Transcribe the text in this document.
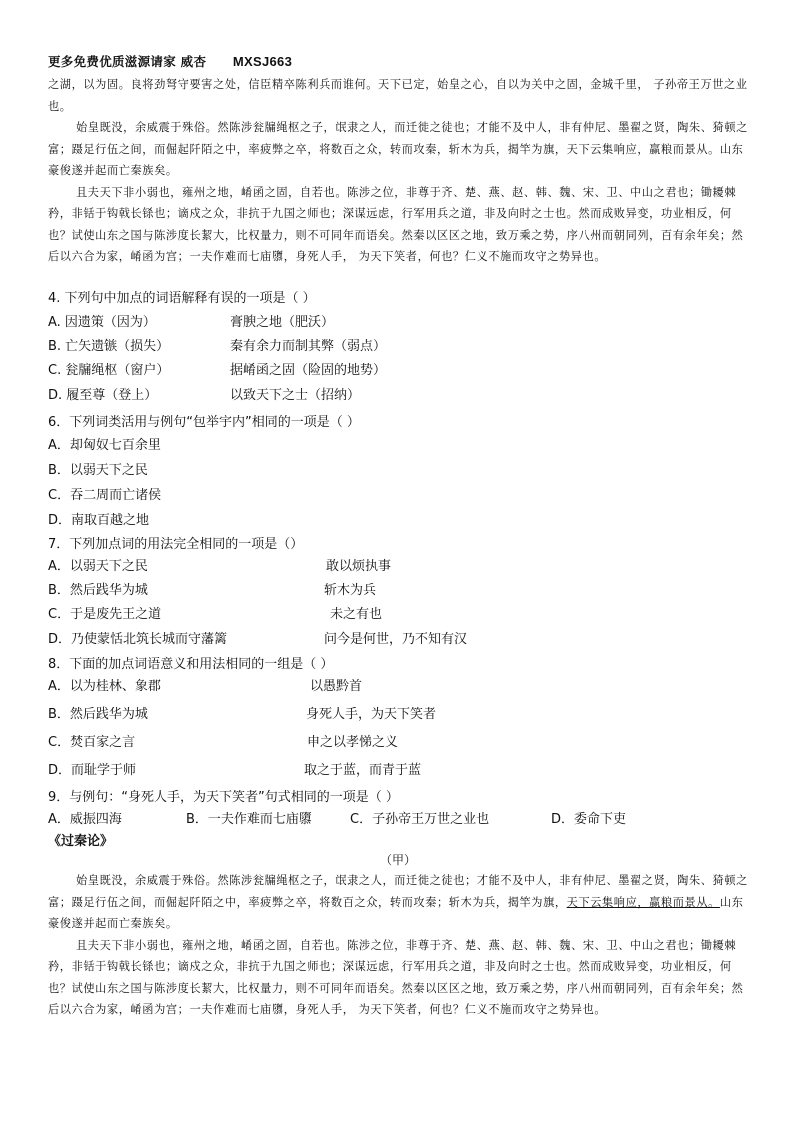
更多免费优质滋源请家 威杏 MXSJ663

之湖，以为固。良将劲弩守要害之处，信臣精卒陈利兵而谁何。天下已定，始皇之心，自以为关中之固，金城千里， 子孙帝王万世之业也。

始皇既没，余威震于殊俗。然陈涉瓮牖绳枢之子，氓隶之人，而迁徙之徒也；才能不及中人，非有仲尼、墨翟之贤，陶朱、猗顿之富；蹑足行伍之间，而倔起阡陌之中，率疲弊之卒，将数百之众，转而攻秦，斩木为兵，揭竿为旗，天下云集响应，赢粮而景从。山东豪俊遂并起而亡秦族矣。

且夫天下非小弱也，雍州之地，崤函之固，自若也。陈涉之位，非尊于齐、楚、燕、赵、韩、魏、宋、卫、中山之君也；锄耰棘矜，非铦于钩戟长铩也；谪戍之众，非抗于九国之师也；深谋远虑，行军用兵之道，非及向时之士也。然而成败异变，功业相反，何也？试使山东之国与陈涉度长絜大，比权量力，则不可同年而语矣。然秦以区区之地，致万乘之势，序八州而朝同列，百有余年矣；然后以六合为家，崤函为宫；一夫作难而七庙隳，身死人手， 为天下笑者，何也？仁义不施而攻守之势异也。

4. 下列句中加点的词语解释有误的一项是（ ）
A. 因遗策（因为）	膏腴之地（肥沃）
B. 亡矢遗镞（损失）	秦有余力而制其弊（弱点）
C. 瓮牖绳枢（窗户）	据崤函之固（险固的地势）
D. 履至尊（登上）	以致天下之士（招纳）
6．下列词类活用与例句“包举宇内”相同的一项是（ ）
A．却匈奴七百余里
B．以弱天下之民
C．吞二周而亡诸侯
D．南取百越之地
7．下列加点词的用法完全相同的一项是（）
A．以弱天下之民	敢以烦执事
B．然后践华为城	斩木为兵
C．于是废先王之道	未之有也
D．乃使蒙恬北筑长城而守藩篱	问今是何世，乃不知有汉
8．下面的加点词语意义和用法相同的一组是（ ）
A．以为桂林、象郡	以愚黔首
B．然后践华为城	身死人手，为天下笑者
C．焚百家之言	申之以孝悌之义
D．而耻学于师	取之于蓝，而青于蓝
9．与例句：“身死人手，为天下笑者”句式相同的一项是（ ）
A．威振四海	B．一夫作难而七庙隳	C．子孙帝王万世之业也	D．委命下吏
《过秦论》
（甲）

始皇既没，余威震于殊俗。然陈涉瓮牖绳枢之子，氓隶之人，而迁徙之徒也；才能不及中人，非有仲尼、墨翟之贤，陶朱、猗顿之富；蹑足行伍之间，而倔起阡陌之中，率疲弊之卒，将数百之众，转而攻秦；斩木为兵，揭竿为旗，天下云集响应，赢粮而景从。山东豪俊遂并起而亡秦族矣。

且夫天下非小弱也，雍州之地，崤函之固，自若也。陈涉之位，非尊于齐、楚、燕、赵、韩、魏、宋、卫、中山之君也；锄耰棘矜，非铦于钩戟长铩也；谪戍之众，非抗于九国之师也；深谋远虑，行军用兵之道，非及向时之士也。然而成败异变，功业相反，何也？试使山东之国与陈涉度长絜大，比权量力，则不可同年而语矣。然秦以区区之地，致万乘之势，序八州而朝同列，百有余年矣；然后以六合为家，崤函为宫；一夫作难而七庙隳，身死人手， 为天下笑者，何也？仁义不施而攻守之势异也。
